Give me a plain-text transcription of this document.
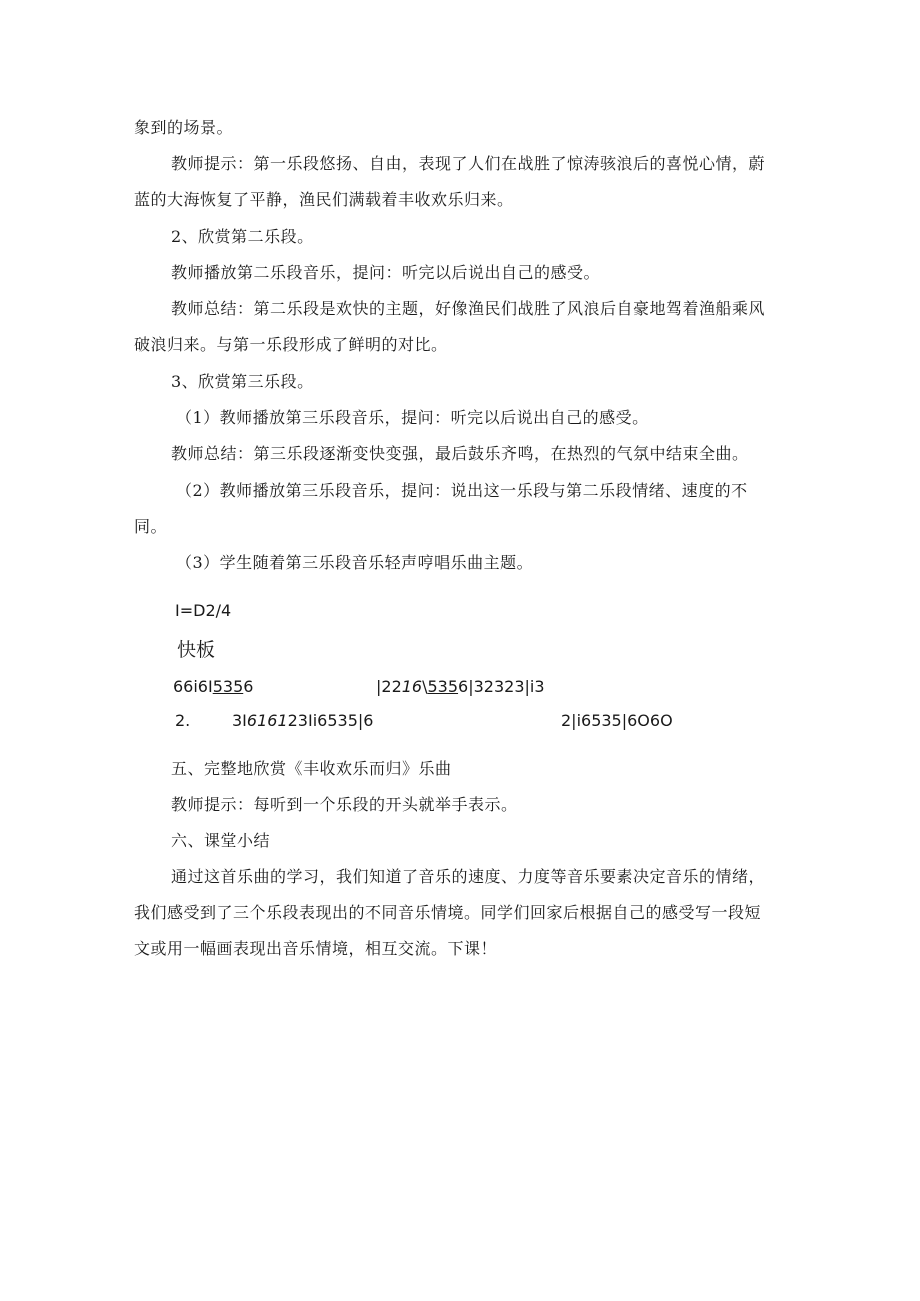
象到的场景。
教师提示：第一乐段悠扬、自由，表现了人们在战胜了惊涛骇浪后的喜悦心情，蔚
蓝的大海恢复了平静，渔民们满载着丰收欢乐归来。
2、欣赏第二乐段。
教师播放第二乐段音乐，提问：听完以后说出自己的感受。
教师总结：第二乐段是欢快的主题，好像渔民们战胜了风浪后自豪地驾着渔船乘风
破浪归来。与第一乐段形成了鲜明的对比。
3、欣赏第三乐段。
（1）教师播放第三乐段音乐，提问：听完以后说出自己的感受。
教师总结：第三乐段逐渐变快变强，最后鼓乐齐鸣，在热烈的气氛中结束全曲。
（2）教师播放第三乐段音乐，提问：说出这一乐段与第二乐段情绪、速度的不
同。
（3）学生随着第三乐段音乐轻声哼唱乐曲主题。
I=D2/4
快板
66i6I5356	|2216\5356|32323|i3
2.	3I616123Ii6535|6	2|i6535|6O6O
五、完整地欣赏《丰收欢乐而归》乐曲
教师提示：每听到一个乐段的开头就举手表示。
六、课堂小结
通过这首乐曲的学习，我们知道了音乐的速度、力度等音乐要素决定音乐的情绪，
我们感受到了三个乐段表现出的不同音乐情境。同学们回家后根据自己的感受写一段短
文或用一幅画表现出音乐情境，相互交流。下课！
